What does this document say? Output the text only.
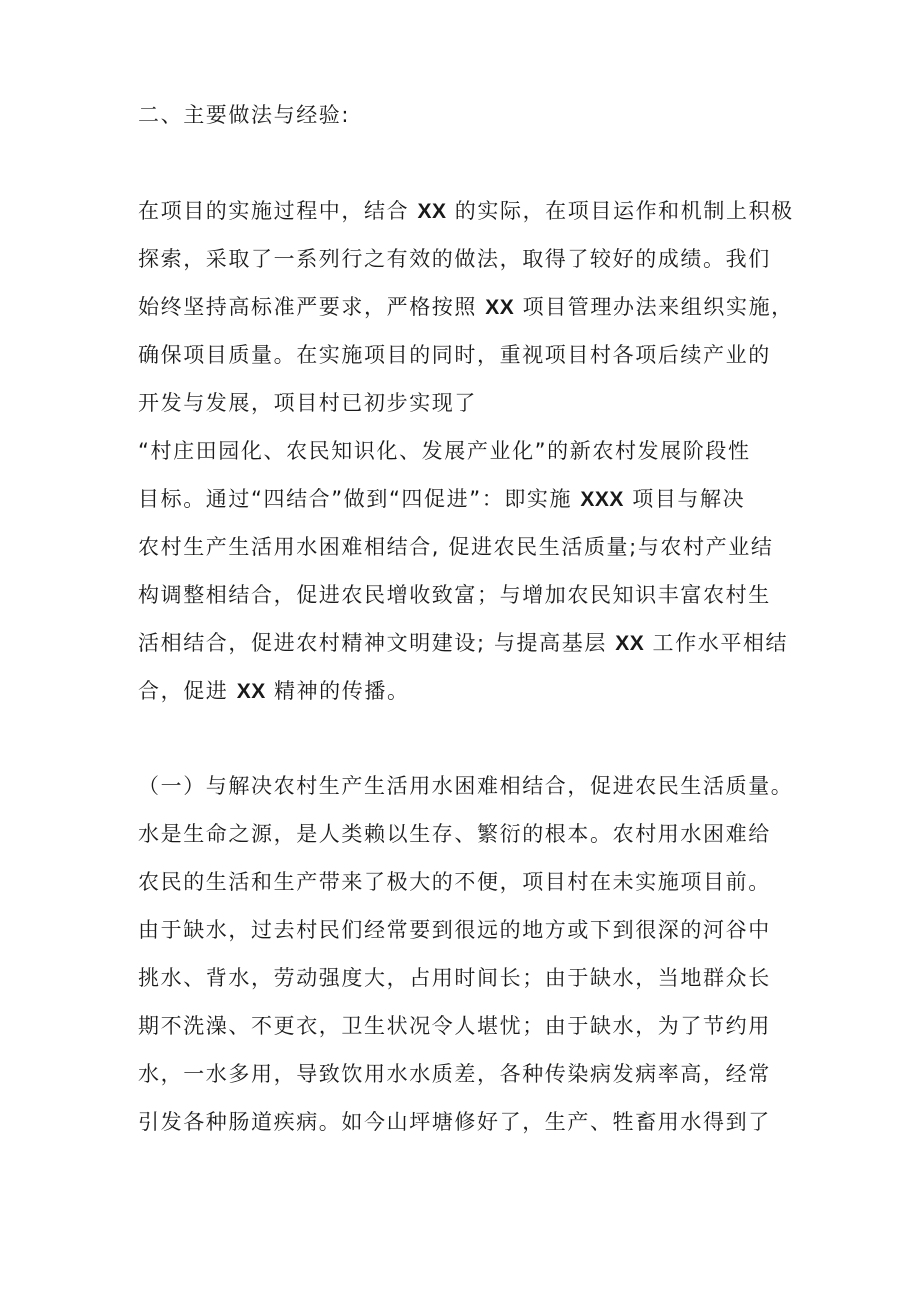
二、主要做法与经验:
在项目的实施过程中，结合 XX 的实际，在项目运作和机制上积极
探索，采取了一系列行之有效的做法，取得了较好的成绩。我们
始终坚持高标准严要求，严格按照 XX 项目管理办法来组织实施，
确保项目质量。在实施项目的同时，重视项目村各项后续产业的
开发与发展，项目村已初步实现了
“村庄田园化、农民知识化、发展产业化”的新农村发展阶段性
目标。通过“四结合”做到“四促进”：即实施 XXX 项目与解决
农村生产生活用水困难相结合, 促进农民生活质量;与农村产业结
构调整相结合，促进农民增收致富；与增加农民知识丰富农村生
活相结合，促进农村精神文明建设; 与提高基层 XX 工作水平相结
合，促进 XX 精神的传播。
（一）与解决农村生产生活用水困难相结合，促进农民生活质量。
水是生命之源，是人类赖以生存、繁衍的根本。农村用水困难给
农民的生活和生产带来了极大的不便，项目村在未实施项目前。
由于缺水，过去村民们经常要到很远的地方或下到很深的河谷中
挑水、背水，劳动强度大，占用时间长；由于缺水，当地群众长
期不洗澡、不更衣，卫生状况令人堪忧；由于缺水，为了节约用
水，一水多用，导致饮用水水质差，各种传染病发病率高，经常
引发各种肠道疾病。如今山坪塘修好了，生产、牲畜用水得到了
